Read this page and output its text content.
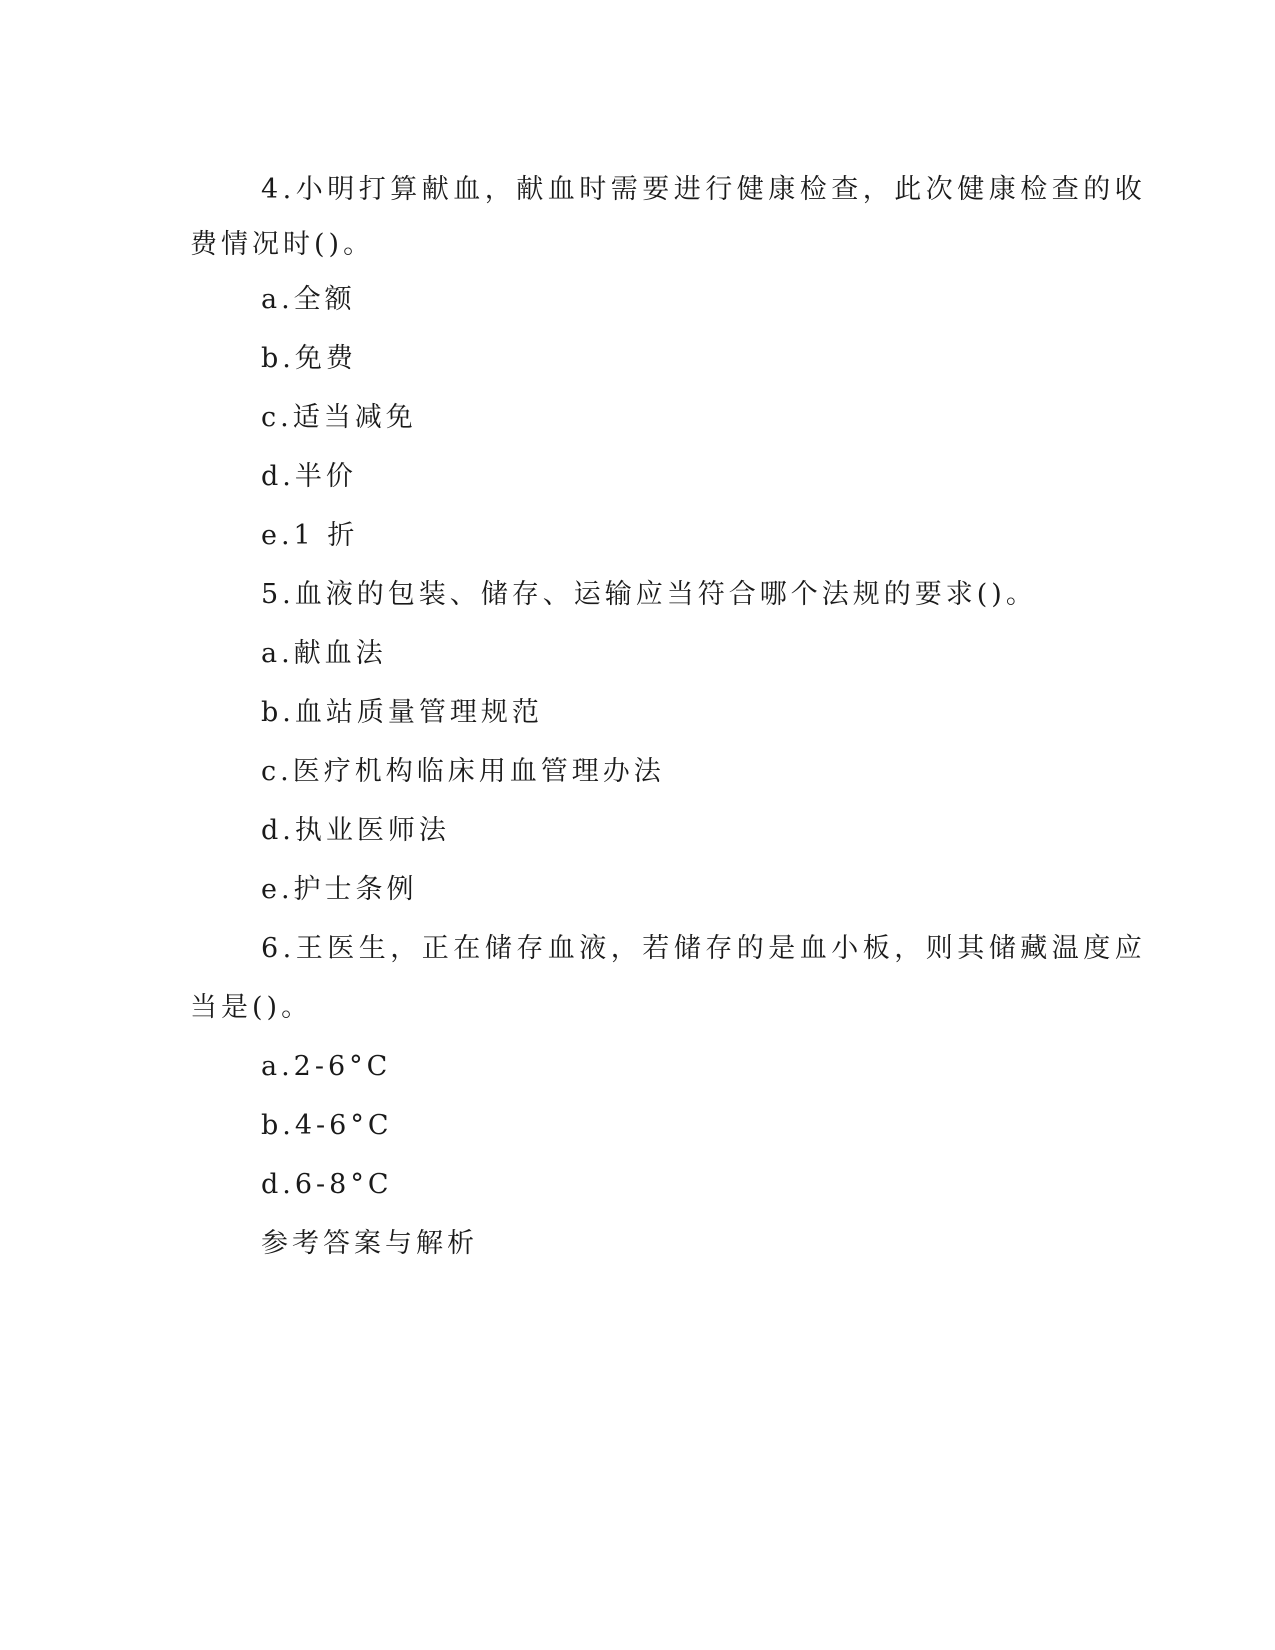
4.小明打算献血，献血时需要进行健康检查，此次健康检查的收
费情况时()。
a.全额
b.免费
c.适当减免
d.半价
e.1 折
5.血液的包装、储存、运输应当符合哪个法规的要求()。
a.献血法
b.血站质量管理规范
c.医疗机构临床用血管理办法
d.执业医师法
e.护士条例
6.王医生，正在储存血液，若储存的是血小板，则其储藏温度应
当是()。
a.2-6°C
b.4-6°C
d.6-8°C
参考答案与解析
